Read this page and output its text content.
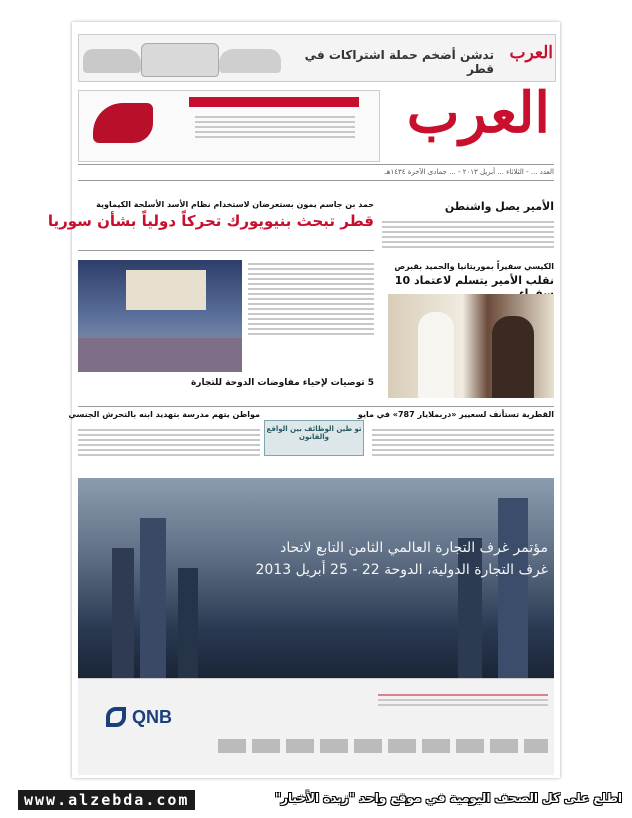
تدشن أضخم حملة اشتراكات في قطر
العرب
العرب
العدد ... - الثلاثاء ... أبريل ٢٠١٣ - ... جمادى الآخرة ١٤٣٤هـ
الأمير يصل واشنطن
الكيسي سفيراً بموريتانيا والحميد بقبرص
نقلب الأمير يتسلم لاعتماد 10
حمد بن جاسم يمون بستعرضان لاستخدام نظام الأسد الأسلحة الكيماوية
قطر تبحث بنيويورك تحركاً دولياً بشأن سوريا
5 توصيات لإحياء مفاوضات الدوحة للتجارة
القطرية تستأنف لسعيير «دربملايار 787» في مايو
مواطن يتهم مدرسة بتهديد ابنه بالتحرش الجنسي
تو طين الوظائف بين الواقع والقانون
مؤتمر غرف التجارة العالمي الثامن التابع لاتحاد
غرف التجارة الدولية، الدوحة 22 - 25 أبريل 2013
QNB
www.alzebda.com	اطلع على كل الصحف اليومية في موقع واحد "زبدة الأخبار"
